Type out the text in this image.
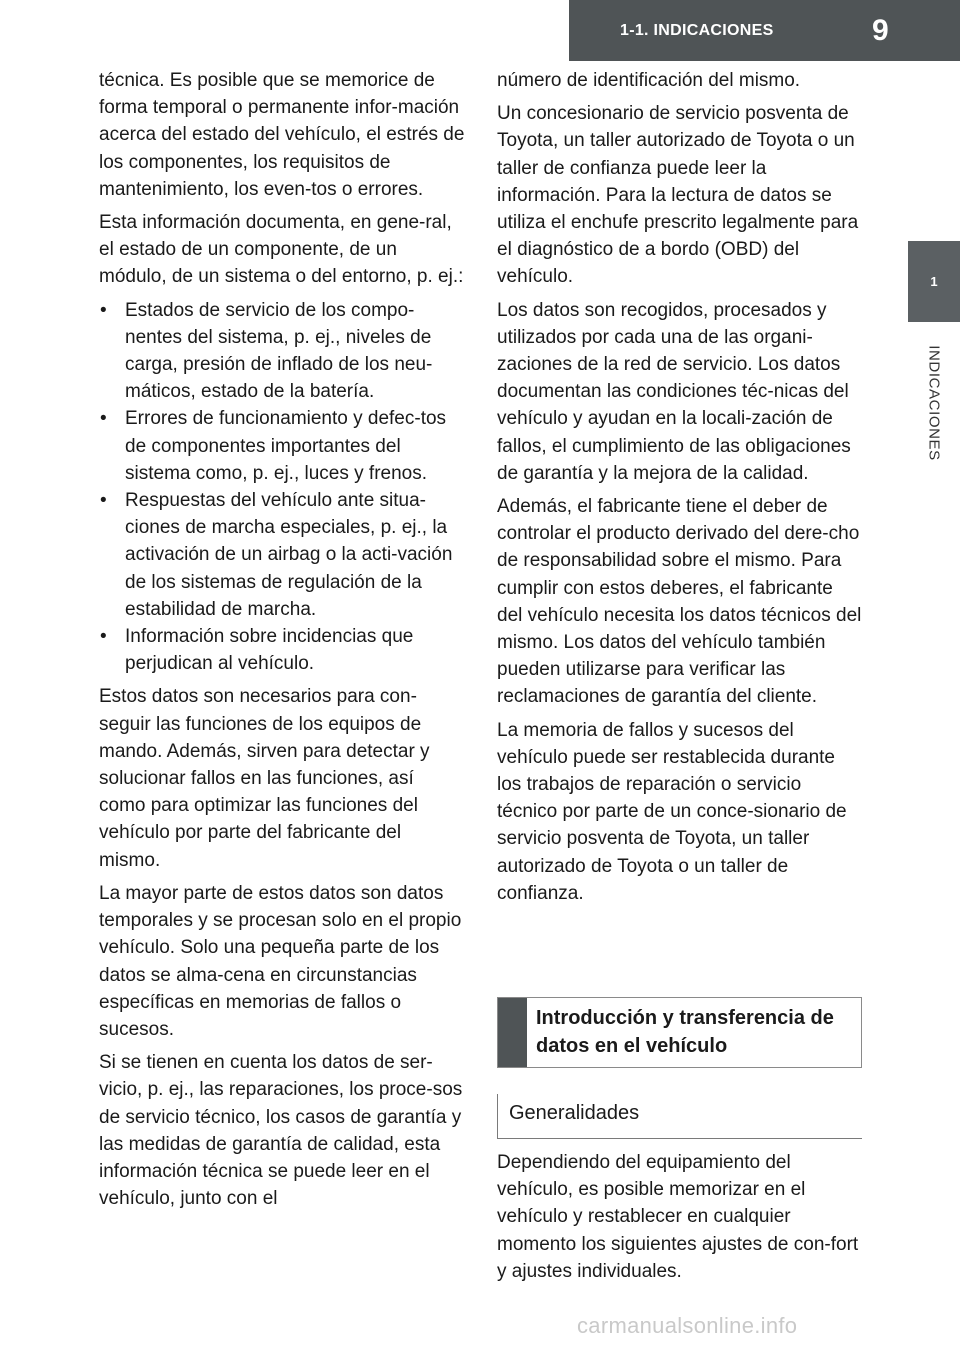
1-1. INDICACIONES	9
1
INDICACIONES

técnica. Es posible que se memorice de forma temporal o permanente infor-mación acerca del estado del vehículo, el estrés de los componentes, los requisitos de mantenimiento, los even-tos o errores.

Esta información documenta, en gene-ral, el estado de un componente, de un módulo, de un sistema o del entorno, p. ej.:

• Estados de servicio de los compo-nentes del sistema, p. ej., niveles de carga, presión de inflado de los neu-máticos, estado de la batería.
• Errores de funcionamiento y defec-tos de componentes importantes del sistema como, p. ej., luces y frenos.
• Respuestas del vehículo ante situa-ciones de marcha especiales, p. ej., la activación de un airbag o la acti-vación de los sistemas de regulación de la estabilidad de marcha.
• Información sobre incidencias que perjudican al vehículo.

Estos datos son necesarios para con-seguir las funciones de los equipos de mando. Además, sirven para detectar y solucionar fallos en las funciones, así como para optimizar las funciones del vehículo por parte del fabricante del mismo.

La mayor parte de estos datos son datos temporales y se procesan solo en el propio vehículo. Solo una pequeña parte de los datos se alma-cena en circunstancias específicas en memorias de fallos o sucesos.

Si se tienen en cuenta los datos de ser-vicio, p. ej., las reparaciones, los proce-sos de servicio técnico, los casos de garantía y las medidas de garantía de calidad, esta información técnica se puede leer en el vehículo, junto con el

número de identificación del mismo.

Un concesionario de servicio posventa de Toyota, un taller autorizado de Toyota o un taller de confianza puede leer la información. Para la lectura de datos se utiliza el enchufe prescrito legalmente para el diagnóstico de a bordo (OBD) del vehículo.

Los datos son recogidos, procesados y utilizados por cada una de las organi-zaciones de la red de servicio. Los datos documentan las condiciones téc-nicas del vehículo y ayudan en la locali-zación de fallos, el cumplimiento de las obligaciones de garantía y la mejora de la calidad.

Además, el fabricante tiene el deber de controlar el producto derivado del dere-cho de responsabilidad sobre el mismo. Para cumplir con estos deberes, el fabricante del vehículo necesita los datos técnicos del mismo. Los datos del vehículo también pueden utilizarse para verificar las reclamaciones de garantía del cliente.

La memoria de fallos y sucesos del vehículo puede ser restablecida durante los trabajos de reparación o servicio técnico por parte de un conce-sionario de servicio posventa de Toyota, un taller autorizado de Toyota o un taller de confianza.

Introducción y transferencia de datos en el vehículo
Generalidades

Dependiendo del equipamiento del vehículo, es posible memorizar en el vehículo y restablecer en cualquier momento los siguientes ajustes de con-fort y ajustes individuales.

carmanualsonline.info
